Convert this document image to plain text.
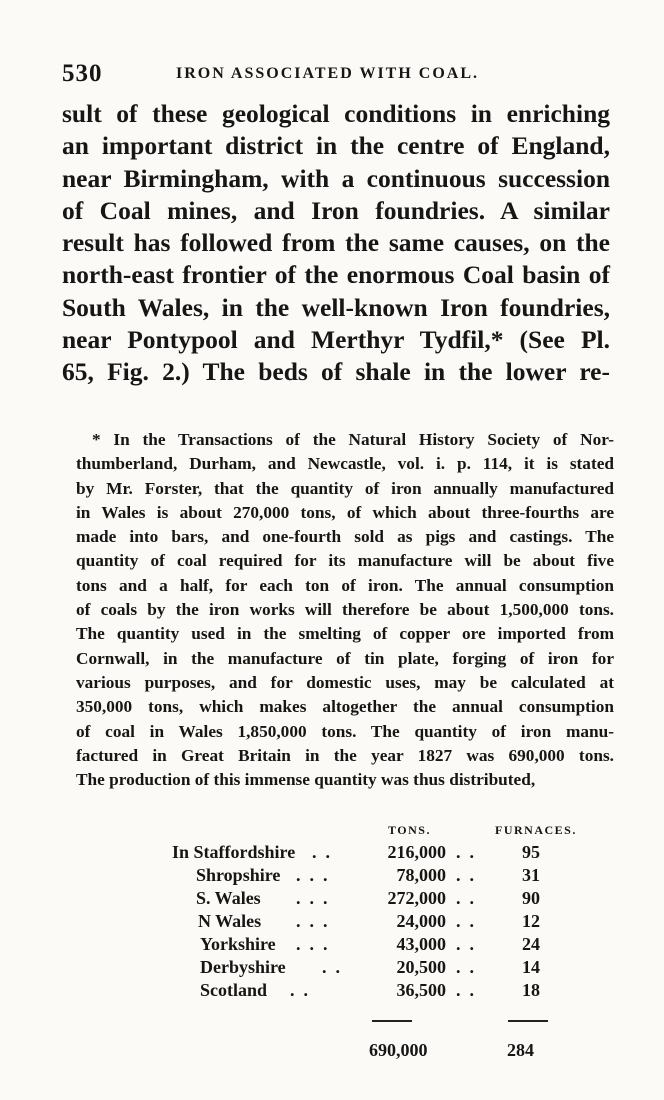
530	IRON ASSOCIATED WITH COAL.
sult of these geological conditions in enriching
an important district in the centre of England,
near Birmingham, with a continuous succession
of Coal mines, and Iron foundries. A similar
result has followed from the same causes, on the
north-east frontier of the enormous Coal basin of
South Wales, in the well-known Iron foundries,
near Pontypool and Merthyr Tydfil,* (See Pl.
65, Fig. 2.) The beds of shale in the lower re-
* In the Transactions of the Natural History Society of Nor-
thumberland, Durham, and Newcastle, vol. i. p. 114, it is stated
by Mr. Forster, that the quantity of iron annually manufactured
in Wales is about 270,000 tons, of which about three-fourths are
made into bars, and one-fourth sold as pigs and castings. The
quantity of coal required for its manufacture will be about five
tons and a half, for each ton of iron. The annual consumption
of coals by the iron works will therefore be about 1,500,000 tons.
The quantity used in the smelting of copper ore imported from
Cornwall, in the manufacture of tin plate, forging of iron for
various purposes, and for domestic uses, may be calculated at
350,000 tons, which makes altogether the annual consumption
of coal in Wales 1,850,000 tons. The quantity of iron manu-
factured in Great Britain in the year 1827 was 690,000 tons.
The production of this immense quantity was thus distributed,
TONS.	FURNACES.
In Staffordshire ..	216,000 ..	95
Shropshire ...	78,000 ..	31
S. Wales ...	272,000 ..	90
N Wales ...	24,000 ..	12
Yorkshire ...	43,000 ..	24
Derbyshire ..	20,500 ..	14
Scotland ..	36,500 ..	18
690,000	284
